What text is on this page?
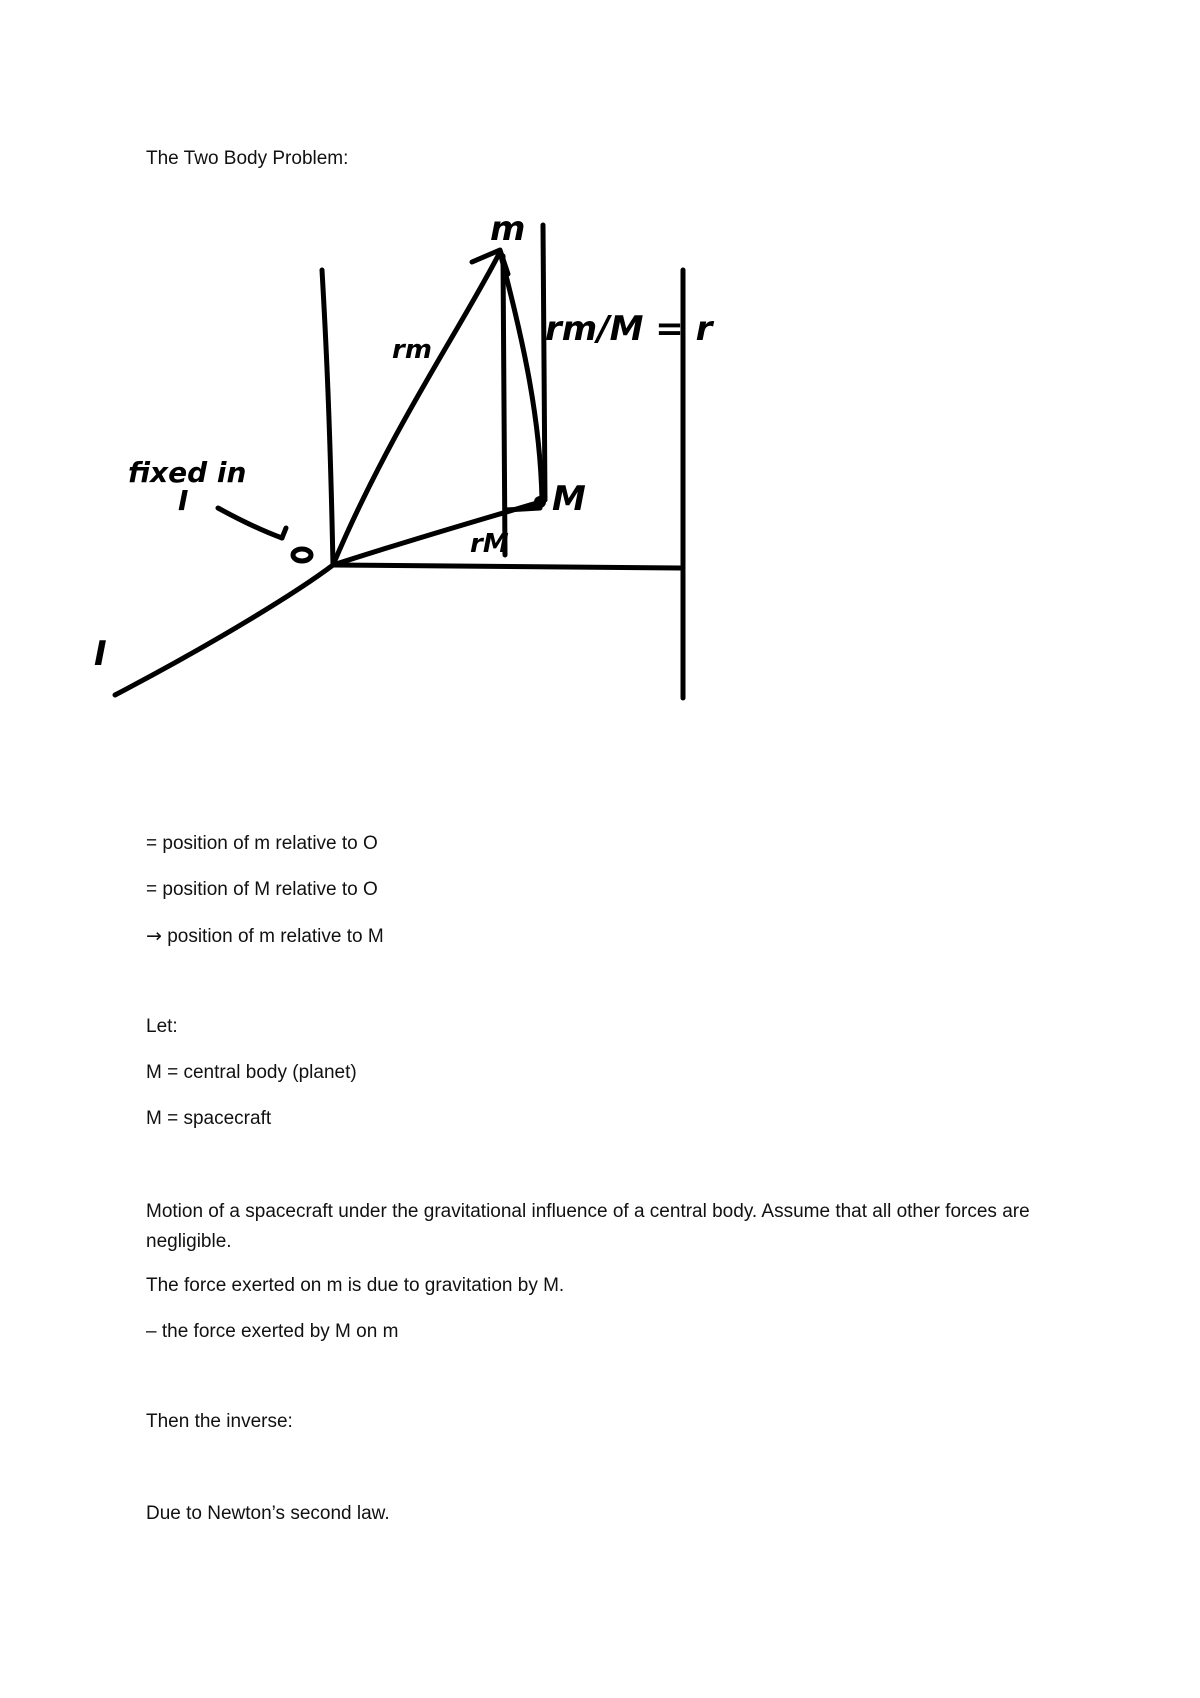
The Two Body Problem:
m
M
rm
rM
rm/M = r
fixed in
I
I
o
= position of m relative to O
= position of M relative to O
→ position of m relative to M
Let:
M = central body (planet)
M = spacecraft
Motion of a spacecraft under the gravitational influence of a central body. Assume that all other forces are negligible.
The force exerted on m is due to gravitation by M.
– the force exerted by M on m
Then the inverse:
Due to Newton’s second law.
